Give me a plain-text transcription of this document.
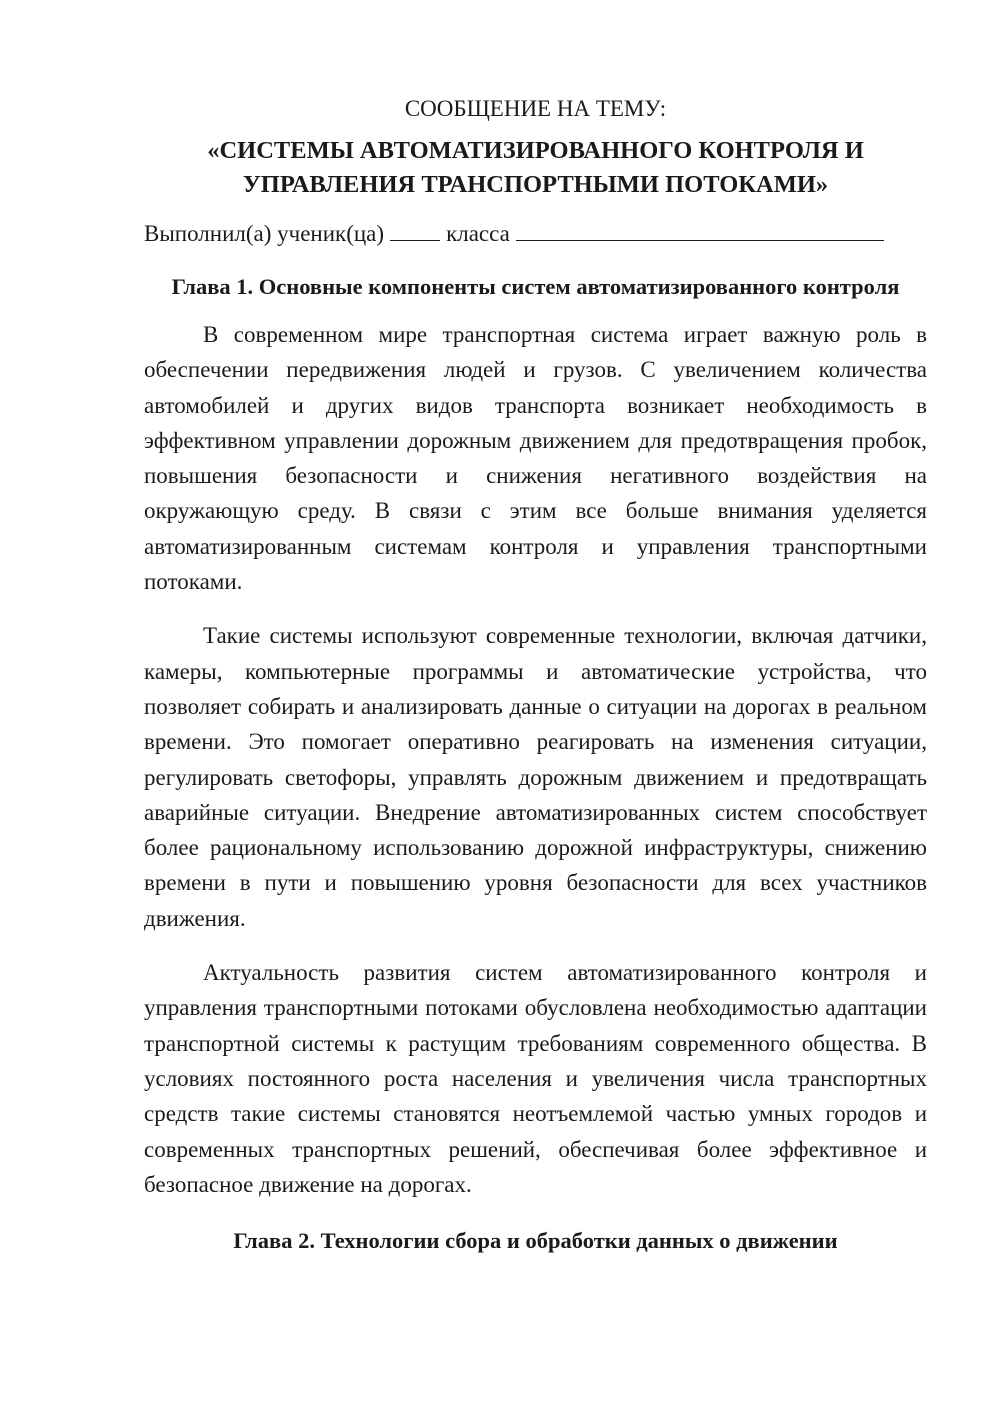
СООБЩЕНИЕ НА ТЕМУ:

«СИСТЕМЫ АВТОМАТИЗИРОВАННОГО КОНТРОЛЯ И УПРАВЛЕНИЯ ТРАНСПОРТНЫМИ ПОТОКАМИ»

Выполнил(а) ученик(ца)	класса

Глава 1. Основные компоненты систем автоматизированного контроля

В современном мире транспортная система играет важную роль в обеспечении передвижения людей и грузов. С увеличением количества автомобилей и других видов транспорта возникает необходимость в эффективном управлении дорожным движением для предотвращения пробок, повышения безопасности и снижения негативного воздействия на окружающую среду. В связи с этим все больше внимания уделяется автоматизированным системам контроля и управления транспортными потоками.

Такие системы используют современные технологии, включая датчики, камеры, компьютерные программы и автоматические устройства, что позволяет собирать и анализировать данные о ситуации на дорогах в реальном времени. Это помогает оперативно реагировать на изменения ситуации, регулировать светофоры, управлять дорожным движением и предотвращать аварийные ситуации. Внедрение автоматизированных систем способствует более рациональному использованию дорожной инфраструктуры, снижению времени в пути и повышению уровня безопасности для всех участников движения.

Актуальность развития систем автоматизированного контроля и управления транспортными потоками обусловлена необходимостью адаптации транспортной системы к растущим требованиям современного общества. В условиях постоянного роста населения и увеличения числа транспортных средств такие системы становятся неотъемлемой частью умных городов и современных транспортных решений, обеспечивая более эффективное и безопасное движение на дорогах.

Глава 2. Технологии сбора и обработки данных о движении
